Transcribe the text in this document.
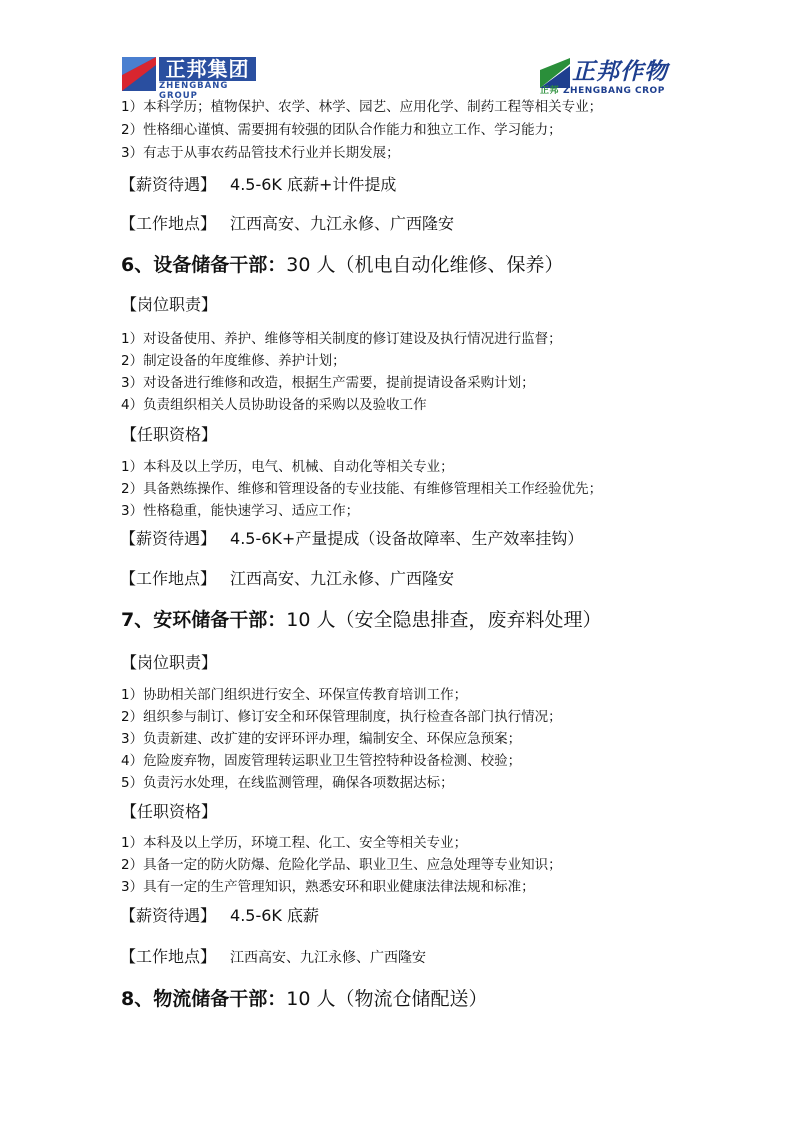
正邦集团
ZHENGBANG GROUP
正邦作物
正邦 ZHENGBANG CROP
1）本科学历；植物保护、农学、林学、园艺、应用化学、制药工程等相关专业；
2）性格细心谨慎、需要拥有较强的团队合作能力和独立工作、学习能力；
3）有志于从事农药品管技术行业并长期发展；
【薪资待遇】 4.5-6K 底薪+计件提成
【工作地点】 江西高安、九江永修、广西隆安
6、设备储备干部：30 人（机电自动化维修、保养）
【岗位职责】
1）对设备使用、养护、维修等相关制度的修订建设及执行情况进行监督；
2）制定设备的年度维修、养护计划；
3）对设备进行维修和改造，根据生产需要，提前提请设备采购计划；
4）负责组织相关人员协助设备的采购以及验收工作
【任职资格】
1）本科及以上学历，电气、机械、自动化等相关专业；
2）具备熟练操作、维修和管理设备的专业技能、有维修管理相关工作经验优先；
3）性格稳重，能快速学习、适应工作；
【薪资待遇】 4.5-6K+产量提成（设备故障率、生产效率挂钩）
【工作地点】 江西高安、九江永修、广西隆安
7、安环储备干部：10 人（安全隐患排查，废弃料处理）
【岗位职责】
1）协助相关部门组织进行安全、环保宣传教育培训工作；
2）组织参与制订、修订安全和环保管理制度，执行检查各部门执行情况；
3）负责新建、改扩建的安评环评办理，编制安全、环保应急预案；
4）危险废弃物，固废管理转运职业卫生管控特种设备检测、校验；
5）负责污水处理，在线监测管理，确保各项数据达标；
【任职资格】
1）本科及以上学历，环境工程、化工、安全等相关专业；
2）具备一定的防火防爆、危险化学品、职业卫生、应急处理等专业知识；
3）具有一定的生产管理知识，熟悉安环和职业健康法律法规和标准；
【薪资待遇】 4.5-6K 底薪
【工作地点】 江西高安、九江永修、广西隆安
8、物流储备干部：10 人（物流仓储配送）
